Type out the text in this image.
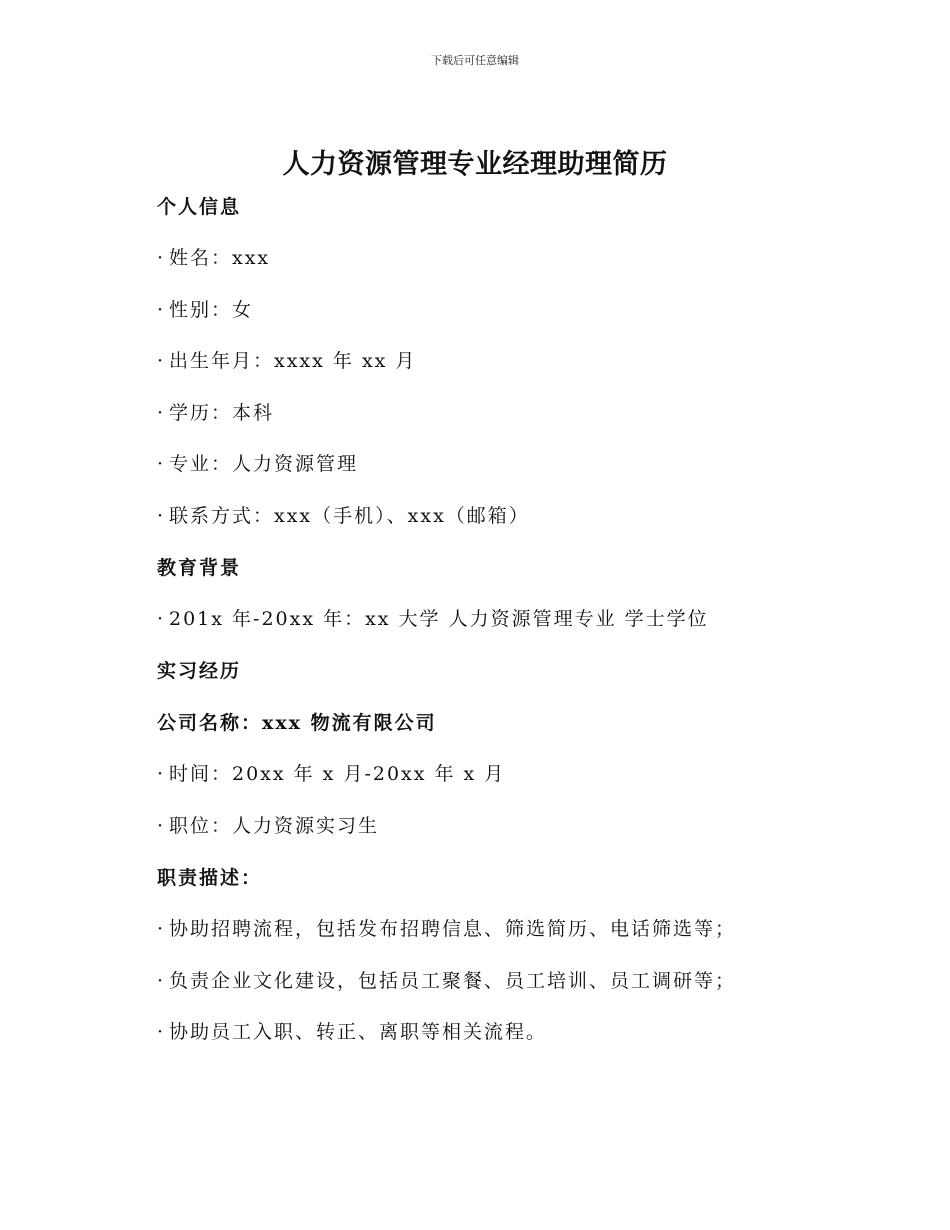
下载后可任意编辑
人力资源管理专业经理助理简历
个人信息
· 姓名：xxx
· 性别：女
· 出生年月：xxxx 年 xx 月
· 学历：本科
· 专业：人力资源管理
· 联系方式：xxx（手机）、xxx（邮箱）
教育背景
· 201x 年-20xx 年：xx 大学 人力资源管理专业 学士学位
实习经历
公司名称：xxx 物流有限公司
· 时间：20xx 年 x 月-20xx 年 x 月
· 职位：人力资源实习生
职责描述：
· 协助招聘流程，包括发布招聘信息、筛选简历、电话筛选等；
· 负责企业文化建设，包括员工聚餐、员工培训、员工调研等；
· 协助员工入职、转正、离职等相关流程。
